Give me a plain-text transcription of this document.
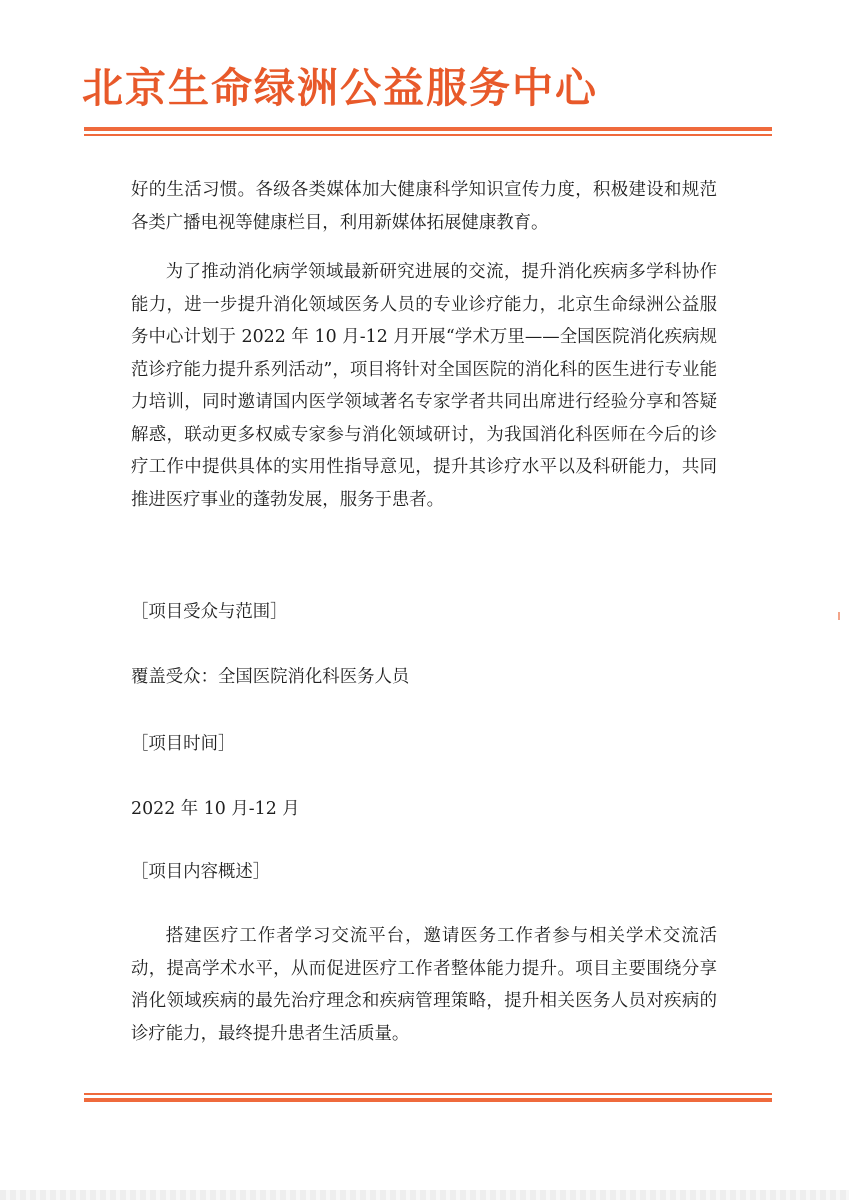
北京生命绿洲公益服务中心

好的生活习惯。各级各类媒体加大健康科学知识宣传力度，积极建设和规范各类广播电视等健康栏目，利用新媒体拓展健康教育。

为了推动消化病学领域最新研究进展的交流，提升消化疾病多学科协作能力，进一步提升消化领域医务人员的专业诊疗能力，北京生命绿洲公益服务中心计划于 2022 年 10 月-12 月开展“学术万里——全国医院消化疾病规范诊疗能力提升系列活动”，项目将针对全国医院的消化科的医生进行专业能力培训，同时邀请国内医学领域著名专家学者共同出席进行经验分享和答疑解惑，联动更多权威专家参与消化领域研讨，为我国消化科医师在今后的诊疗工作中提供具体的实用性指导意见，提升其诊疗水平以及科研能力，共同推进医疗事业的蓬勃发展，服务于患者。

［项目受众与范围］
覆盖受众：全国医院消化科医务人员
［项目时间］
2022 年 10 月-12 月
［项目内容概述］

搭建医疗工作者学习交流平台，邀请医务工作者参与相关学术交流活动，提高学术水平，从而促进医疗工作者整体能力提升。项目主要围绕分享消化领域疾病的最先治疗理念和疾病管理策略，提升相关医务人员对疾病的诊疗能力，最终提升患者生活质量。
